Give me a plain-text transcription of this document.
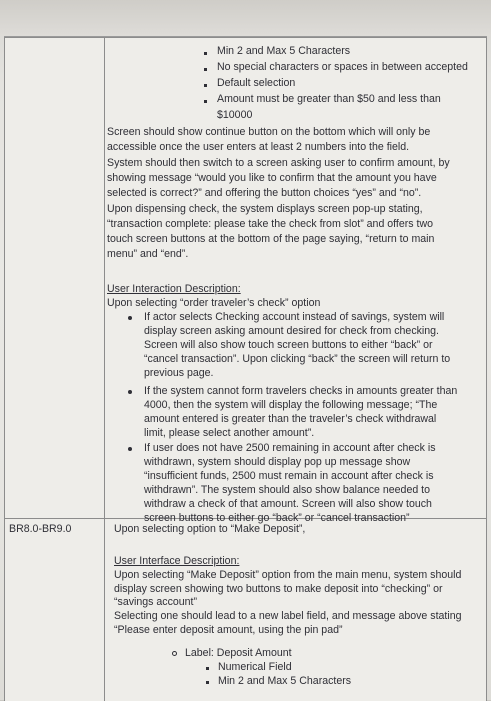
Min 2 and Max 5 Characters
No special characters or spaces in between accepted
Default selection
Amount must be greater than $50 and less than
$10000
Screen should show continue button on the bottom which will only be
accessible once the user enters at least 2 numbers into the field.
System should then switch to a screen asking user to confirm amount, by
showing message “would you like to confirm that the amount you have
selected is correct?” and offering the button choices “yes” and “no”.
Upon dispensing check, the system displays screen pop-up stating,
“transaction complete: please take the check from slot” and offers two
touch screen buttons at the bottom of the page saying, “return to main
menu” and “end”.
User Interaction Description:
Upon selecting “order traveler’s check” option
If actor selects Checking account instead of savings, system will
display screen asking amount desired for check from checking.
Screen will also show touch screen buttons to either “back” or
“cancel transaction”. Upon clicking “back” the screen will return to
previous page.
If the system cannot form travelers checks in amounts greater than
4000, then the system will display the following message; “The
amount entered is greater than the traveler’s check withdrawal
limit, please select another amount”.
If user does not have 2500 remaining in account after check is
withdrawn, system should display pop up message show
“insufficient funds, 2500 must remain in account after check is
withdrawn”. The system should also show balance needed to
withdraw a check of that amount. Screen will also show touch
screen buttons to either go “back” or “cancel transaction”
BR8.0-BR9.0	Upon selecting option to “Make Deposit”,
User Interface Description:
Upon selecting “Make Deposit” option from the main menu, system should
display screen showing two buttons to make deposit into “checking” or
“savings account”
Selecting one should lead to a new label field, and message above stating
“Please enter deposit amount, using the pin pad”
Label: Deposit Amount
Numerical Field
Min 2 and Max 5 Characters
